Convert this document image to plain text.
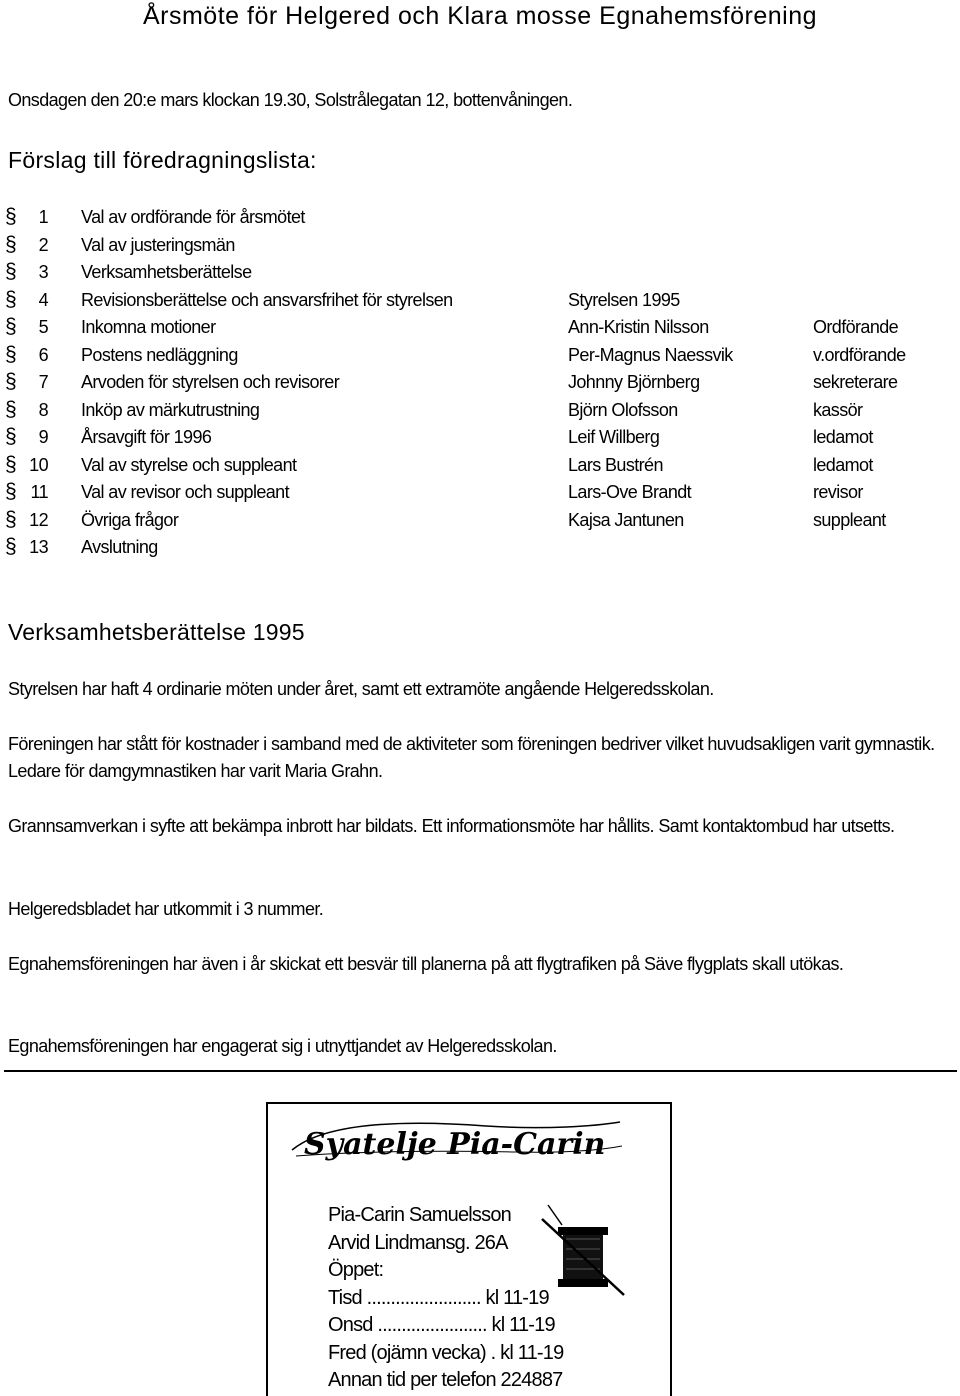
Årsmöte för Helgered och Klara mosse Egnahemsförening
Onsdagen den 20:e mars klockan 19.30, Solstrålegatan 12, bottenvåningen.
Förslag till föredragningslista:
§	1 Val av ordförande för årsmötet
§	2 Val av justeringsmän
§	3 Verksamhetsberättelse
§	4 Revisionsberättelse och ansvarsfrihet för styrelsen	Styrelsen 1995
§	5 Inkomna motioner	Ann-Kristin Nilsson	Ordförande
§	6 Postens nedläggning	Per-Magnus Naessvik	v.ordförande
§	7 Arvoden för styrelsen och revisorer	Johnny Björnberg	sekreterare
§	8 Inköp av märkutrustning	Björn Olofsson	kassör
§	9 Årsavgift för 1996	Leif Willberg	ledamot
§ 10 Val av styrelse och suppleant	Lars Bustrén	ledamot
§ 11 Val av revisor och suppleant	Lars-Ove Brandt	revisor
§ 12 Övriga frågor	Kajsa Jantunen	suppleant
§ 13 Avslutning
Verksamhetsberättelse 1995
Styrelsen har haft 4 ordinarie möten under året, samt ett extramöte angående Helgeredsskolan.
Föreningen har stått för kostnader i samband med de aktiviteter som föreningen bedriver vilket huvudsakligen varit gymnastik. Ledare för damgymnastiken har varit Maria Grahn.
Grannsamverkan i syfte att bekämpa inbrott har bildats. Ett informationsmöte har hållits. Samt kontaktombud har utsetts.
Helgeredsbladet har utkommit i 3 nummer.
Egnahemsföreningen har även i år skickat ett besvär till planerna på att flygtrafiken på Säve flygplats skall utökas.
Egnahemsföreningen har engagerat sig i utnyttjandet av Helgeredsskolan.
Syatelje Pia-Carin
Pia-Carin Samuelsson
Arvid Lindmansg. 26A
Öppet:
Tisd ........................ kl 11-19
Onsd ....................... kl 11-19
Fred (ojämn vecka) . kl 11-19
Annan tid per telefon 224887
